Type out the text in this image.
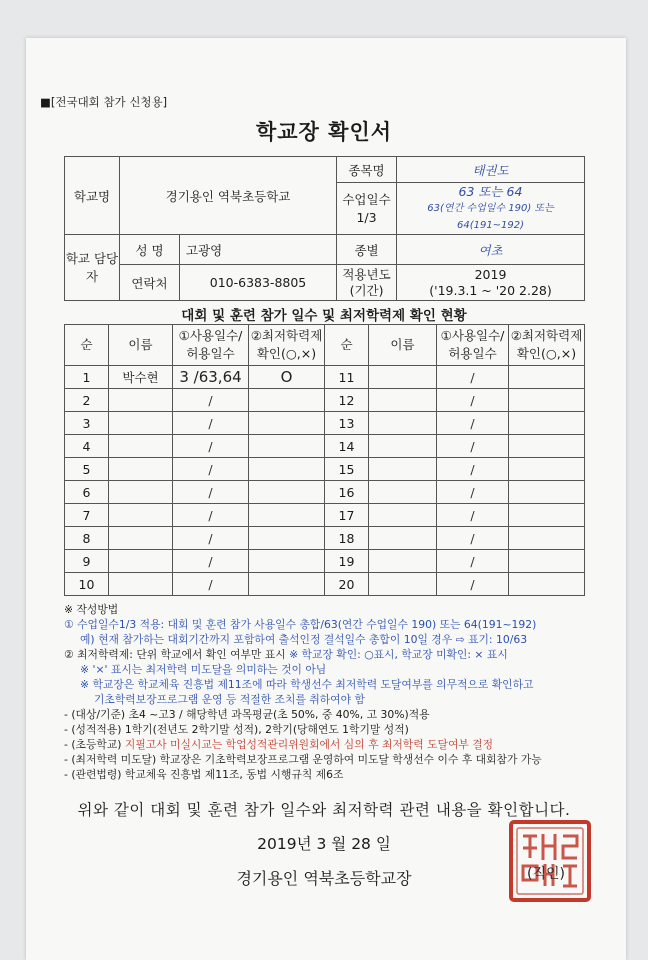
■[전국대회 참가 신청용]
학교장 확인서
학교명	경기용인 역북초등학교		종목명	태권도
			수업일수 1/3	63 또는 64
63(연간 수업일수 190) 또는 64(191~192)

학교 담당자	성 명	고광영	종별	여초
	연락처	010-6383-8805	적용년도 (기간)	2019
('19.3.1 ~ '20 2.28)
대회 및 훈련 참가 일수 및 최저학력제 확인 현황
순	이름	①사용일수/ 허용일수	②최저학력제 확인(○,×)	순	이름	①사용일수/ 허용일수	②최저학력제 확인(○,×)
1	박수현	3 /63,64	O	11		/	
2		/		12		/	
3		/		13		/	
4		/		14		/	
5		/		15		/	
6		/		16		/	
7		/		17		/	
8		/		18		/	
9		/		19		/	
10		/		20		/	
※ 작성방법
① 수업일수1/3 적용: 대회 및 훈련 참가 사용일수 총합/63(연간 수업일수 190) 또는 64(191~192)
예) 현재 참가하는 대회기간까지 포함하여 출석인정 결석일수 총합이 10일 경우 ⇨ 표기: 10/63
② 최저학력제: 단위 학교에서 확인 여부만 표시 ※ 학교장 확인: ○표시, 학교장 미확인: × 표시
※ '×' 표시는 최저학력 미도달을 의미하는 것이 아님
※ 학교장은 학교체육 진흥법 제11조에 따라 학생선수 최저학력 도달여부를 의무적으로 확인하고
기초학력보장프로그램 운영 등 적절한 조치를 취하여야 함
- (대상/기준) 초4 ~고3 / 해당학년 과목평균(초 50%, 중 40%, 고 30%)적용
- (성적적용) 1학기(전년도 2학기말 성적), 2학기(당해연도 1학기말 성적)
- (초등학교) 지필고사 미실시교는 학업성적관리위원회에서 심의 후 최저학력 도달여부 결정
- (최저학력 미도달) 학교장은 기초학력보장프로그램 운영하여 미도달 학생선수 이수 후 대회참가 가능
- (관련법령) 학교체육 진흥법 제11조, 동법 시행규칙 제6조
위와 같이 대회 및 훈련 참가 일수와 최저학력 관련 내용을 확인합니다.
2019년 3 월 28 일
경기용인 역북초등학교장	(직인)
